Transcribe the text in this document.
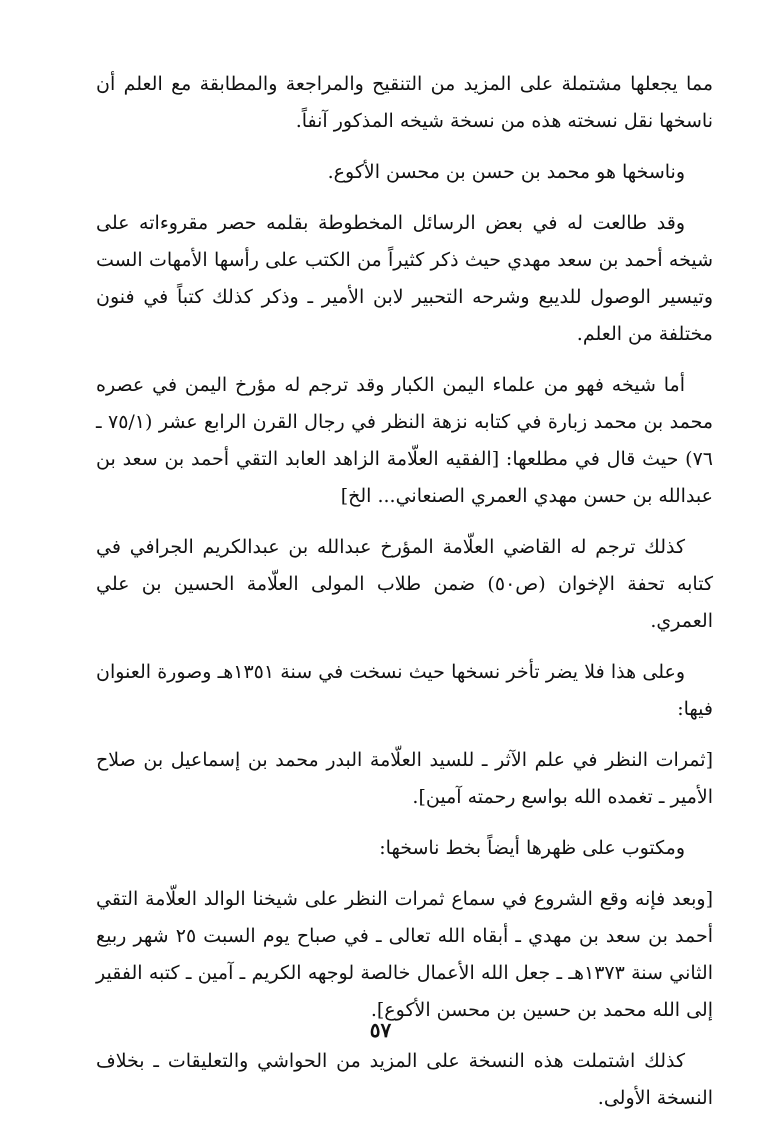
مما يجعلها مشتملة على المزيد من التنقيح والمراجعة والمطابقة مع العلم أن ناسخها نقل نسخته هذه من نسخة شيخه المذكور آنفاً.

وناسخها هو محمد بن حسن بن محسن الأكوع.

وقد طالعت له في بعض الرسائل المخطوطة بقلمه حصر مقروءاته على شيخه أحمد بن سعد مهدي حيث ذكر كثيراً من الكتب على رأسها الأمهات الست وتيسير الوصول للديبع وشرحه التحبير لابن الأمير ـ وذكر كذلك كتباً في فنون مختلفة من العلم.

أما شيخه فهو من علماء اليمن الكبار وقد ترجم له مؤرخ اليمن في عصره محمد بن محمد زبارة في كتابه نزهة النظر في رجال القرن الرابع عشر (٧٥/١ ـ ٧٦) حيث قال في مطلعها: [الفقيه العلّامة الزاهد العابد التقي أحمد بن سعد بن عبدالله بن حسن مهدي العمري الصنعاني... الخ]

كذلك ترجم له القاضي العلّامة المؤرخ عبدالله بن عبدالكريم الجرافي في كتابه تحفة الإخوان (ص٥٠) ضمن طلاب المولى العلّامة الحسين بن علي العمري.

وعلى هذا فلا يضر تأخر نسخها حيث نسخت في سنة ١٣٥١هـ وصورة العنوان فيها:

[ثمرات النظر في علم الآثر ـ للسيد العلّامة البدر محمد بن إسماعيل بن صلاح الأمير ـ تغمده الله بواسع رحمته آمين].

ومكتوب على ظهرها أيضاً بخط ناسخها:

[وبعد فإنه وقع الشروع في سماع ثمرات النظر على شيخنا الوالد العلّامة التقي أحمد بن سعد بن مهدي ـ أبقاه الله تعالى ـ في صباح يوم السبت ٢٥ شهر ربيع الثاني سنة ١٣٧٣هـ ـ جعل الله الأعمال خالصة لوجهه الكريم ـ آمين ـ كتبه الفقير إلى الله محمد بن حسين بن محسن الأكوع].

كذلك اشتملت هذه النسخة على المزيد من الحواشي والتعليقات ـ بخلاف النسخة الأولى.

٥٧
